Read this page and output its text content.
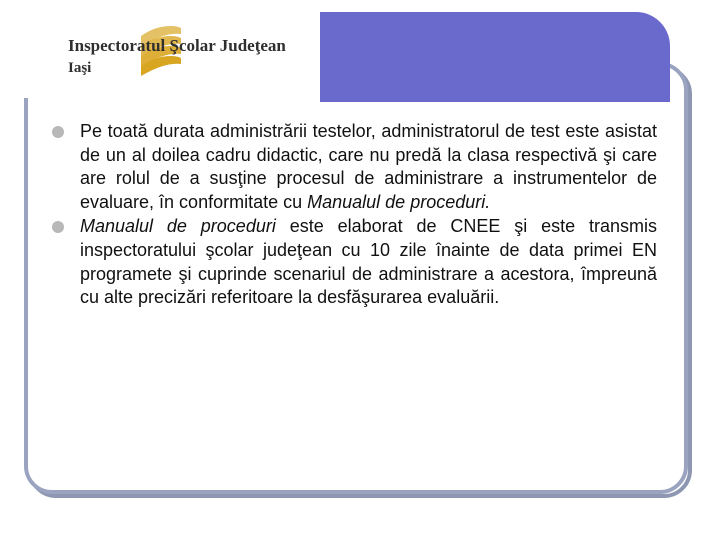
Inspectoratul Şcolar Judeţean
Iaşi
Pe toată durata administrării testelor, administratorul de test este asistat de un al doilea cadru didactic, care nu predă la clasa respectivă şi care are rolul de a susţine procesul de administrare a instrumentelor de evaluare, în conformitate cu Manualul de proceduri.
Manualul de proceduri este elaborat de CNEE şi este transmis inspectoratului şcolar judeţean cu 10 zile înainte de data primei EN programete şi cuprinde scenariul de administrare a acestora, împreună cu alte precizări referitoare la desfăşurarea evaluării.
